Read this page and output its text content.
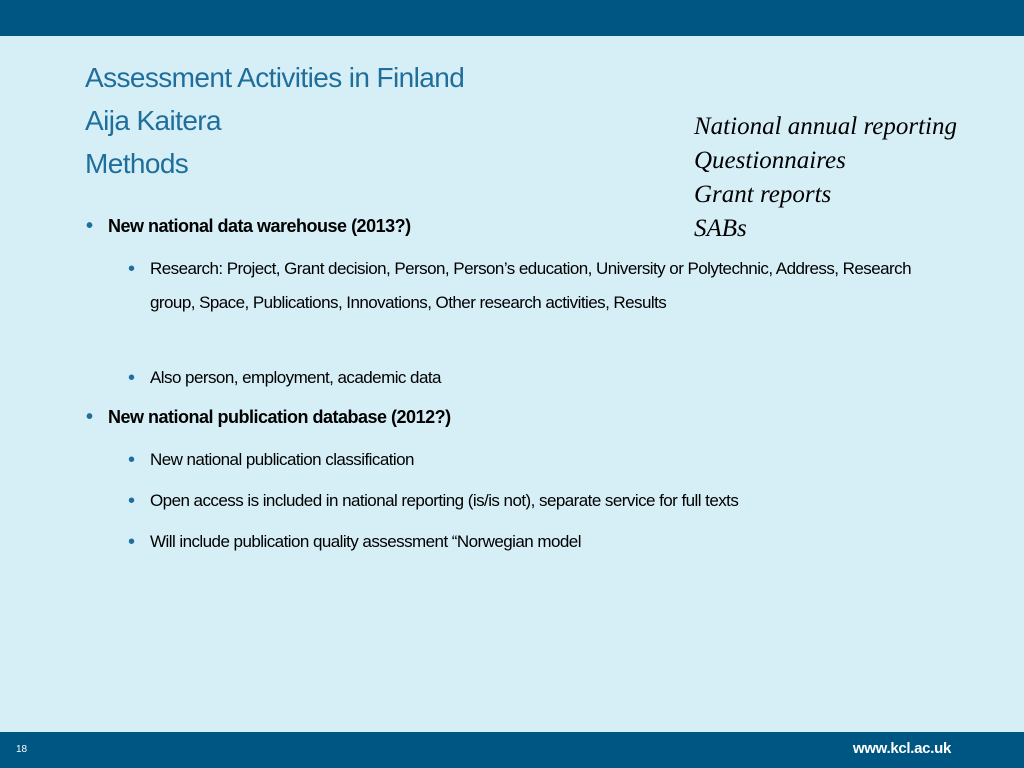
Assessment Activities in Finland
Aija Kaitera
Methods
National annual reporting
Questionnaires
Grant reports
SABs
• New national data warehouse (2013?)
• Research: Project, Grant decision, Person, Person’s education, University or Polytechnic, Address, Research group, Space, Publications, Innovations, Other research activities, Results
• Also person, employment, academic data
• New national publication database (2012?)
• New national publication classification
• Open access is included in national reporting (is/is not), separate service for full texts
• Will include publication quality assessment “Norwegian model
18	www.kcl.ac.uk
